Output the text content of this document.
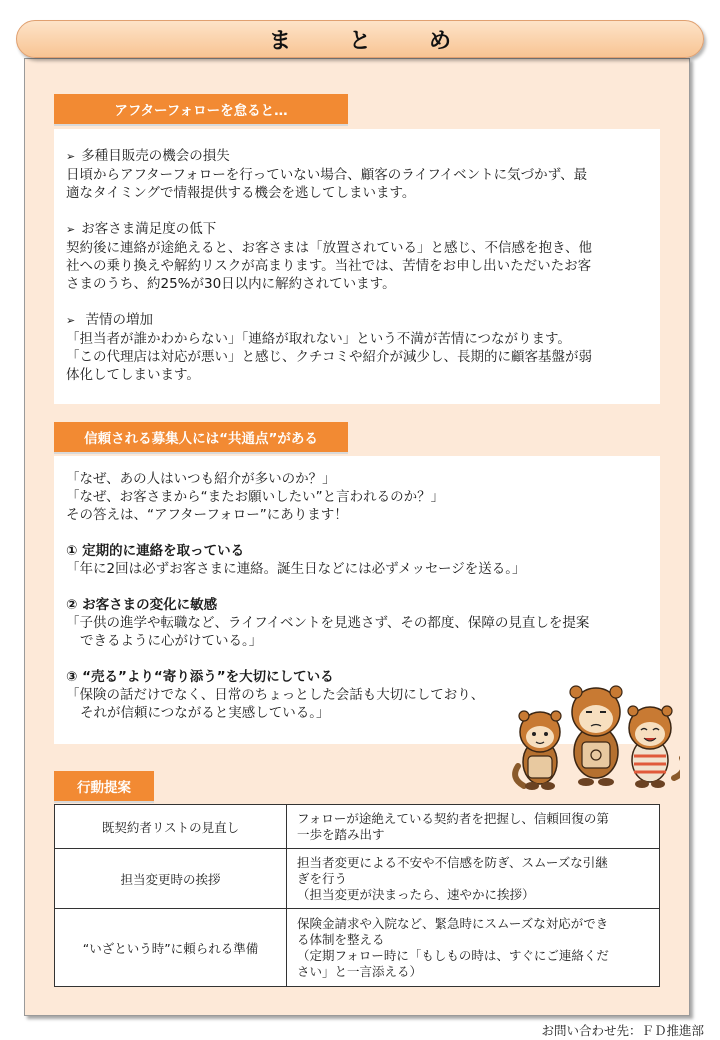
ま　と　め
アフターフォローを怠ると…
➢ 多種目販売の機会の損失
日頃からアフターフォローを行っていない場合、顧客のライフイベントに気づかず、最
適なタイミングで情報提供する機会を逃してしまいます。
➢ お客さま満足度の低下
契約後に連絡が途絶えると、お客さまは「放置されている」と感じ、不信感を抱き、他
社への乗り換えや解約リスクが高まります。当社では、苦情をお申し出いただいたお客
さまのうち、約25%が30日以内に解約されています。
➢ 苦情の増加
「担当者が誰かわからない」「連絡が取れない」という不満が苦情につながります。
「この代理店は対応が悪い」と感じ、クチコミや紹介が減少し、長期的に顧客基盤が弱
体化してしまいます。
信頼される募集人には“共通点”がある
「なぜ、あの人はいつも紹介が多いのか？」
「なぜ、お客さまから“またお願いしたい”と言われるのか？」
その答えは、“アフターフォロー”にあります！
① 定期的に連絡を取っている
「年に2回は必ずお客さまに連絡。誕生日などには必ずメッセージを送る。」
② お客さまの変化に敏感
「子供の進学や転職など、ライフイベントを見逃さず、その都度、保障の見直しを提案
できるように心がけている。」
③ “売る”より“寄り添う”を大切にしている
「保険の話だけでなく、日常のちょっとした会話も大切にしており、
それが信頼につながると実感している。」
行動提案
既契約者リストの見直し	フォローが途絶えている契約者を把握し、信頼回復の第
一歩を踏み出す

担当変更時の挨拶	担当者変更による不安や不信感を防ぎ、スムーズな引継
ぎを行う
（担当変更が決まったら、速やかに挨拶）

“いざという時”に頼られる準備	保険金請求や入院など、緊急時にスムーズな対応ができ
る体制を整える
（定期フォロー時に「もしもの時は、すぐにご連絡くだ
さい」と一言添える）
お問い合わせ先：ＦＤ推進部
